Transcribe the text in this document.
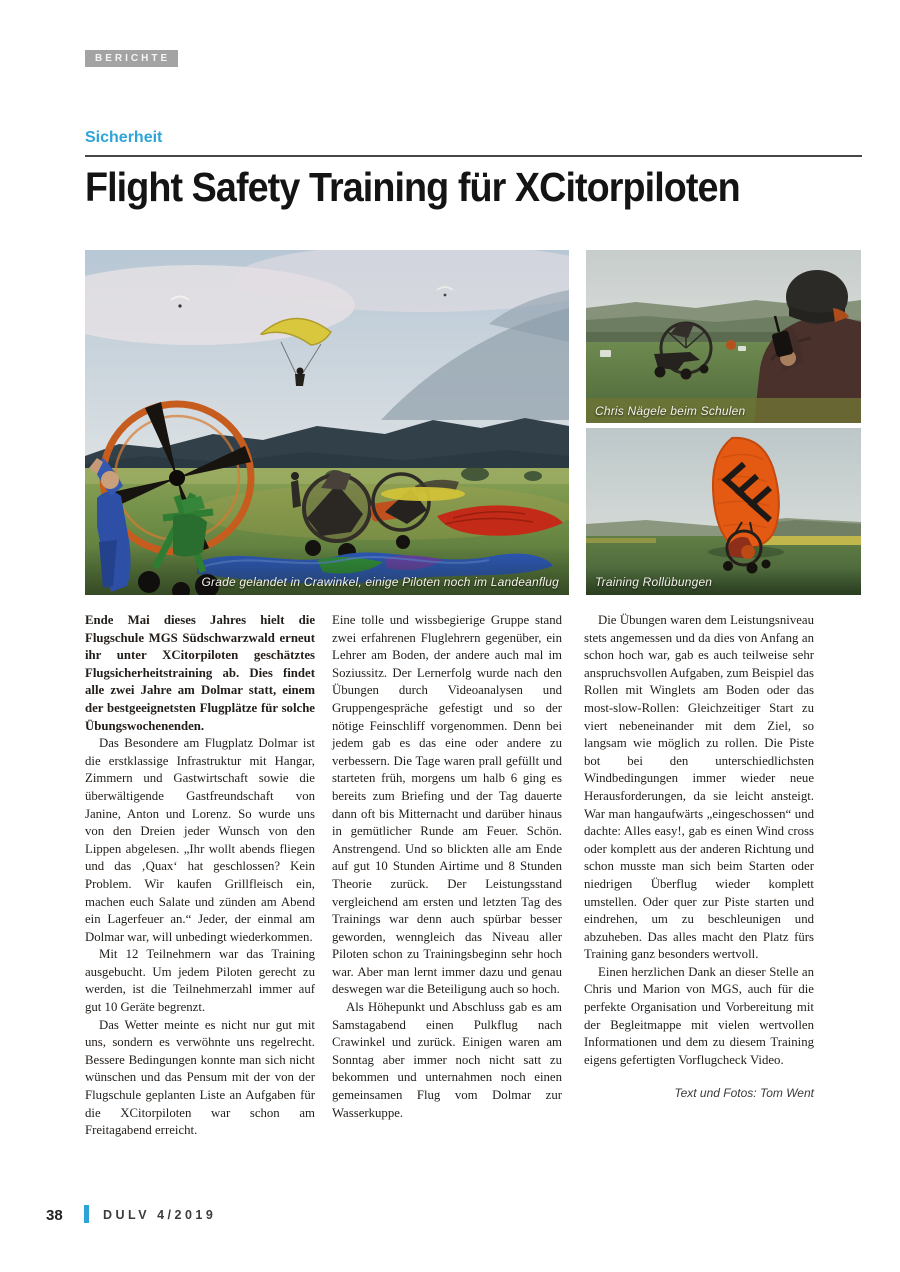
BERICHTE
Sicherheit
Flight Safety Training für XCitorpiloten
Grade gelandet in Crawinkel, einige Piloten noch im Landeanflug
Chris Nägele beim Schulen
Training Rollübungen

Ende Mai dieses Jahres hielt die Flugschule MGS Südschwarzwald erneut ihr unter XCitorpiloten geschätztes Flugsicherheitstraining ab. Dies findet alle zwei Jahre am Dolmar statt, einem der bestgeeignetsten Flugplätze für solche Übungswochenenden.

Das Besondere am Flugplatz Dolmar ist die erstklassige Infrastruktur mit Hangar, Zimmern und Gastwirtschaft sowie die überwältigende Gastfreundschaft von Janine, Anton und Lorenz. So wurde uns von den Dreien jeder Wunsch von den Lippen abgelesen. „Ihr wollt abends fliegen und das ‚Quax‘ hat geschlossen? Kein Problem. Wir kaufen Grillfleisch ein, machen euch Salate und zünden am Abend ein Lagerfeuer an.“ Jeder, der einmal am Dolmar war, will unbedingt wiederkommen.

Mit 12 Teilnehmern war das Training ausgebucht. Um jedem Piloten gerecht zu werden, ist die Teilnehmerzahl immer auf gut 10 Geräte begrenzt.

Das Wetter meinte es nicht nur gut mit uns, sondern es verwöhnte uns regelrecht. Bessere Bedingungen konnte man sich nicht wünschen und das Pensum mit der von der Flugschule geplanten Liste an Aufgaben für die XCitorpiloten war schon am Freitagabend erreicht.

Eine tolle und wissbegierige Gruppe stand zwei erfahrenen Fluglehrern gegenüber, ein Lehrer am Boden, der andere auch mal im Soziussitz. Der Lernerfolg wurde nach den Übungen durch Videoanalysen und Gruppengespräche gefestigt und so der nötige Feinschliff vorgenommen. Denn bei jedem gab es das eine oder andere zu verbessern. Die Tage waren prall gefüllt und starteten früh, morgens um halb 6 ging es bereits zum Briefing und der Tag dauerte dann oft bis Mitternacht und darüber hinaus in gemütlicher Runde am Feuer. Schön. Anstrengend. Und so blickten alle am Ende auf gut 10 Stunden Airtime und 8 Stunden Theorie zurück. Der Leistungsstand vergleichend am ersten und letzten Tag des Trainings war denn auch spürbar besser geworden, wenngleich das Niveau aller Piloten schon zu Trainingsbeginn sehr hoch war. Aber man lernt immer dazu und genau deswegen war die Beteiligung auch so hoch.

Als Höhepunkt und Abschluss gab es am Samstagabend einen Pulkflug nach Crawinkel und zurück. Einigen waren am Sonntag aber immer noch nicht satt zu bekommen und unternahmen noch einen gemeinsamen Flug vom Dolmar zur Wasserkuppe.

Die Übungen waren dem Leistungsniveau stets angemessen und da dies von Anfang an schon hoch war, gab es auch teilweise sehr anspruchsvollen Aufgaben, zum Beispiel das Rollen mit Winglets am Boden oder das most-slow-Rollen: Gleichzeitiger Start zu viert nebeneinander mit dem Ziel, so langsam wie möglich zu rollen. Die Piste bot bei den unterschiedlichsten Windbedingungen immer wieder neue Herausforderungen, da sie leicht ansteigt. War man hangaufwärts „eingeschossen“ und dachte: Alles easy!, gab es einen Wind cross oder komplett aus der anderen Richtung und schon musste man sich beim Starten oder niedrigen Überflug wieder komplett umstellen. Oder quer zur Piste starten und eindrehen, um zu beschleunigen und abzuheben. Das alles macht den Platz fürs Training ganz besonders wertvoll.

Einen herzlichen Dank an dieser Stelle an Chris und Marion von MGS, auch für die perfekte Organisation und Vorbereitung mit der Begleitmappe mit vielen wertvollen Informationen und dem zu diesem Training eigens gefertigten Vorflugcheck Video.

Text und Fotos: Tom Went
38	DULV 4/2019
